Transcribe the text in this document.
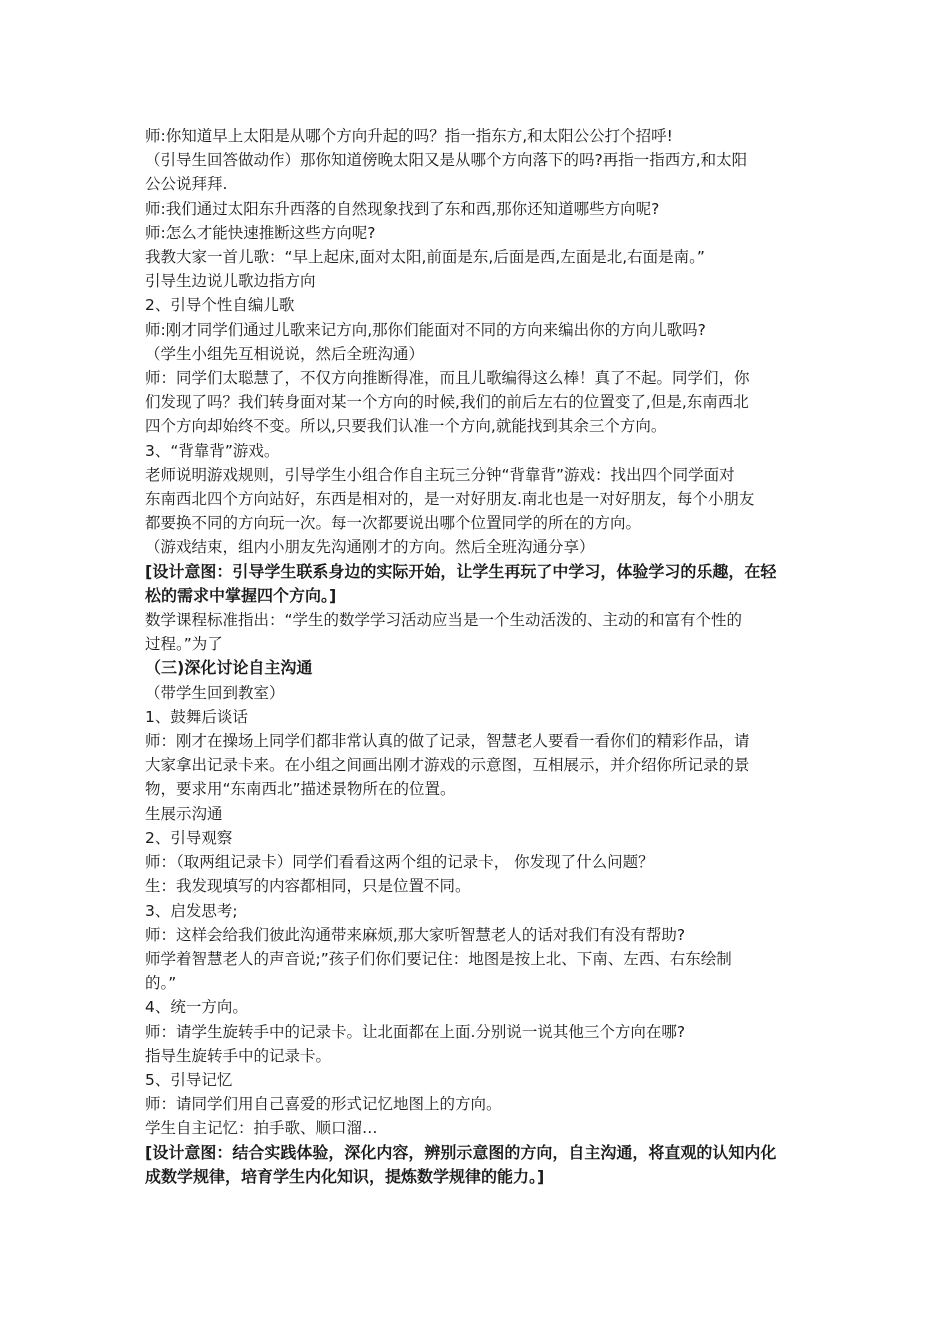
师:你知道早上太阳是从哪个方向升起的吗？指一指东方,和太阳公公打个招呼!
（引导生回答做动作）那你知道傍晚太阳又是从哪个方向落下的吗?再指一指西方,和太阳
公公说拜拜.
师:我们通过太阳东升西落的自然现象找到了东和西,那你还知道哪些方向呢?
师:怎么才能快速推断这些方向呢?
我教大家一首儿歌：“早上起床,面对太阳,前面是东,后面是西,左面是北,右面是南。”
引导生边说儿歌边指方向
2、引导个性自编儿歌
师:刚才同学们通过儿歌来记方向,那你们能面对不同的方向来编出你的方向儿歌吗?
（学生小组先互相说说，然后全班沟通）
师：同学们太聪慧了，不仅方向推断得准，而且儿歌编得这么棒！真了不起。同学们，你
们发现了吗？我们转身面对某一个方向的时候,我们的前后左右的位置变了,但是,东南西北
四个方向却始终不变。所以,只要我们认准一个方向,就能找到其余三个方向。
3、“背靠背”游戏。
老师说明游戏规则，引导学生小组合作自主玩三分钟“背靠背”游戏：找出四个同学面对
东南西北四个方向站好，东西是相对的，是一对好朋友.南北也是一对好朋友，每个小朋友
都要换不同的方向玩一次。每一次都要说出哪个位置同学的所在的方向。
（游戏结束，组内小朋友先沟通刚才的方向。然后全班沟通分享）
[设计意图：引导学生联系身边的实际开始，让学生再玩了中学习，体验学习的乐趣，在轻
松的需求中掌握四个方向。]
数学课程标准指出：“学生的数学学习活动应当是一个生动活泼的、主动的和富有个性的
过程。”为了
（三)深化讨论自主沟通
（带学生回到教室）
1、鼓舞后谈话
师：刚才在操场上同学们都非常认真的做了记录，智慧老人要看一看你们的精彩作品，请
大家拿出记录卡来。在小组之间画出刚才游戏的示意图，互相展示，并介绍你所记录的景
物，要求用“东南西北”描述景物所在的位置。
生展示沟通
2、引导观察
师：（取两组记录卡）同学们看看这两个组的记录卡， 你发现了什么问题？
生：我发现填写的内容都相同，只是位置不同。
3、启发思考;
师：这样会给我们彼此沟通带来麻烦,那大家听智慧老人的话对我们有没有帮助?
师学着智慧老人的声音说;”孩子们你们要记住：地图是按上北、下南、左西、右东绘制
的。”
4、统一方向。
师：请学生旋转手中的记录卡。让北面都在上面.分别说一说其他三个方向在哪?
指导生旋转手中的记录卡。
5、引导记忆
师：请同学们用自己喜爱的形式记忆地图上的方向。
学生自主记忆：拍手歌、顺口溜…
[设计意图：结合实践体验，深化内容，辨别示意图的方向，自主沟通，将直观的认知内化
成数学规律，培育学生内化知识，提炼数学规律的能力。]
